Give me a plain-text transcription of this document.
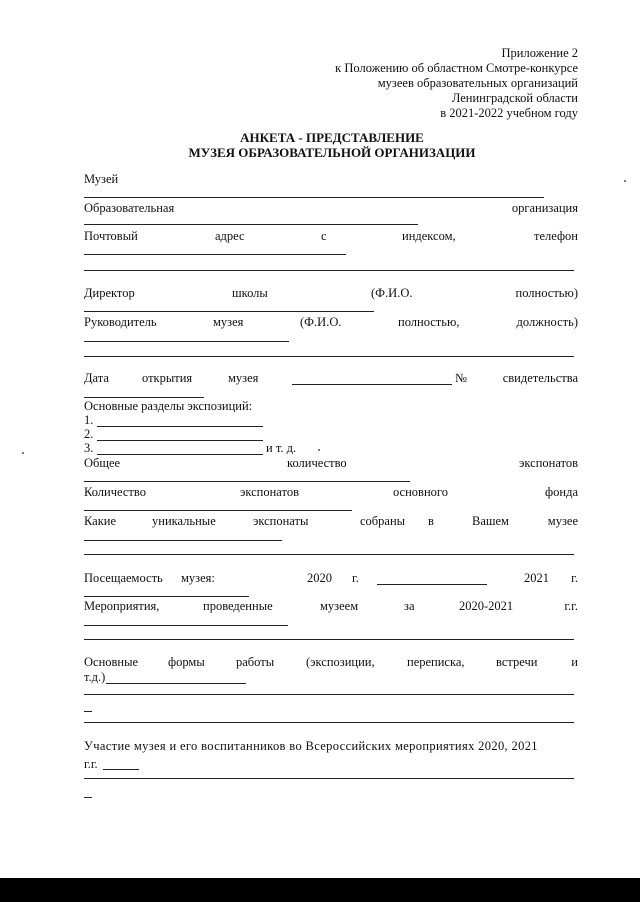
Приложение 2
к Положению об областном Смотре-конкурсе
музеев образовательных организаций
Ленинградской области
в 2021-2022 учебном году
АНКЕТА - ПРЕДСТАВЛЕНИЕ
МУЗЕЯ ОБРАЗОВАТЕЛЬНОЙ ОРГАНИЗАЦИИ
Музей
Образовательная	организация
Почтовый	адрес	с	индексом,	телефон
Директор	школы	(Ф.И.О.	полностью)
Руководитель	музея	(Ф.И.О.	полностью,	должность)
Дата	открытия	музея	№	свидетельства
Основные разделы экспозиций:
1.
2.
3.	и т. д.
Общее	количество	экспонатов
Количество	экспонатов	основного	фонда
Какие	уникальные	экспонаты	собраны в	Вашем	музее
Посещаемость музея:	2020 г.	2021 г.
Мероприятия,	проведенные	музеем	за	2020-2021	г.г.
Основные формы	работы	(экспозиции,	переписка,	встречи	и
т.д.)
Участие музея и его воспитанников во Всероссийских мероприятиях 2020, 2021
г.г.
